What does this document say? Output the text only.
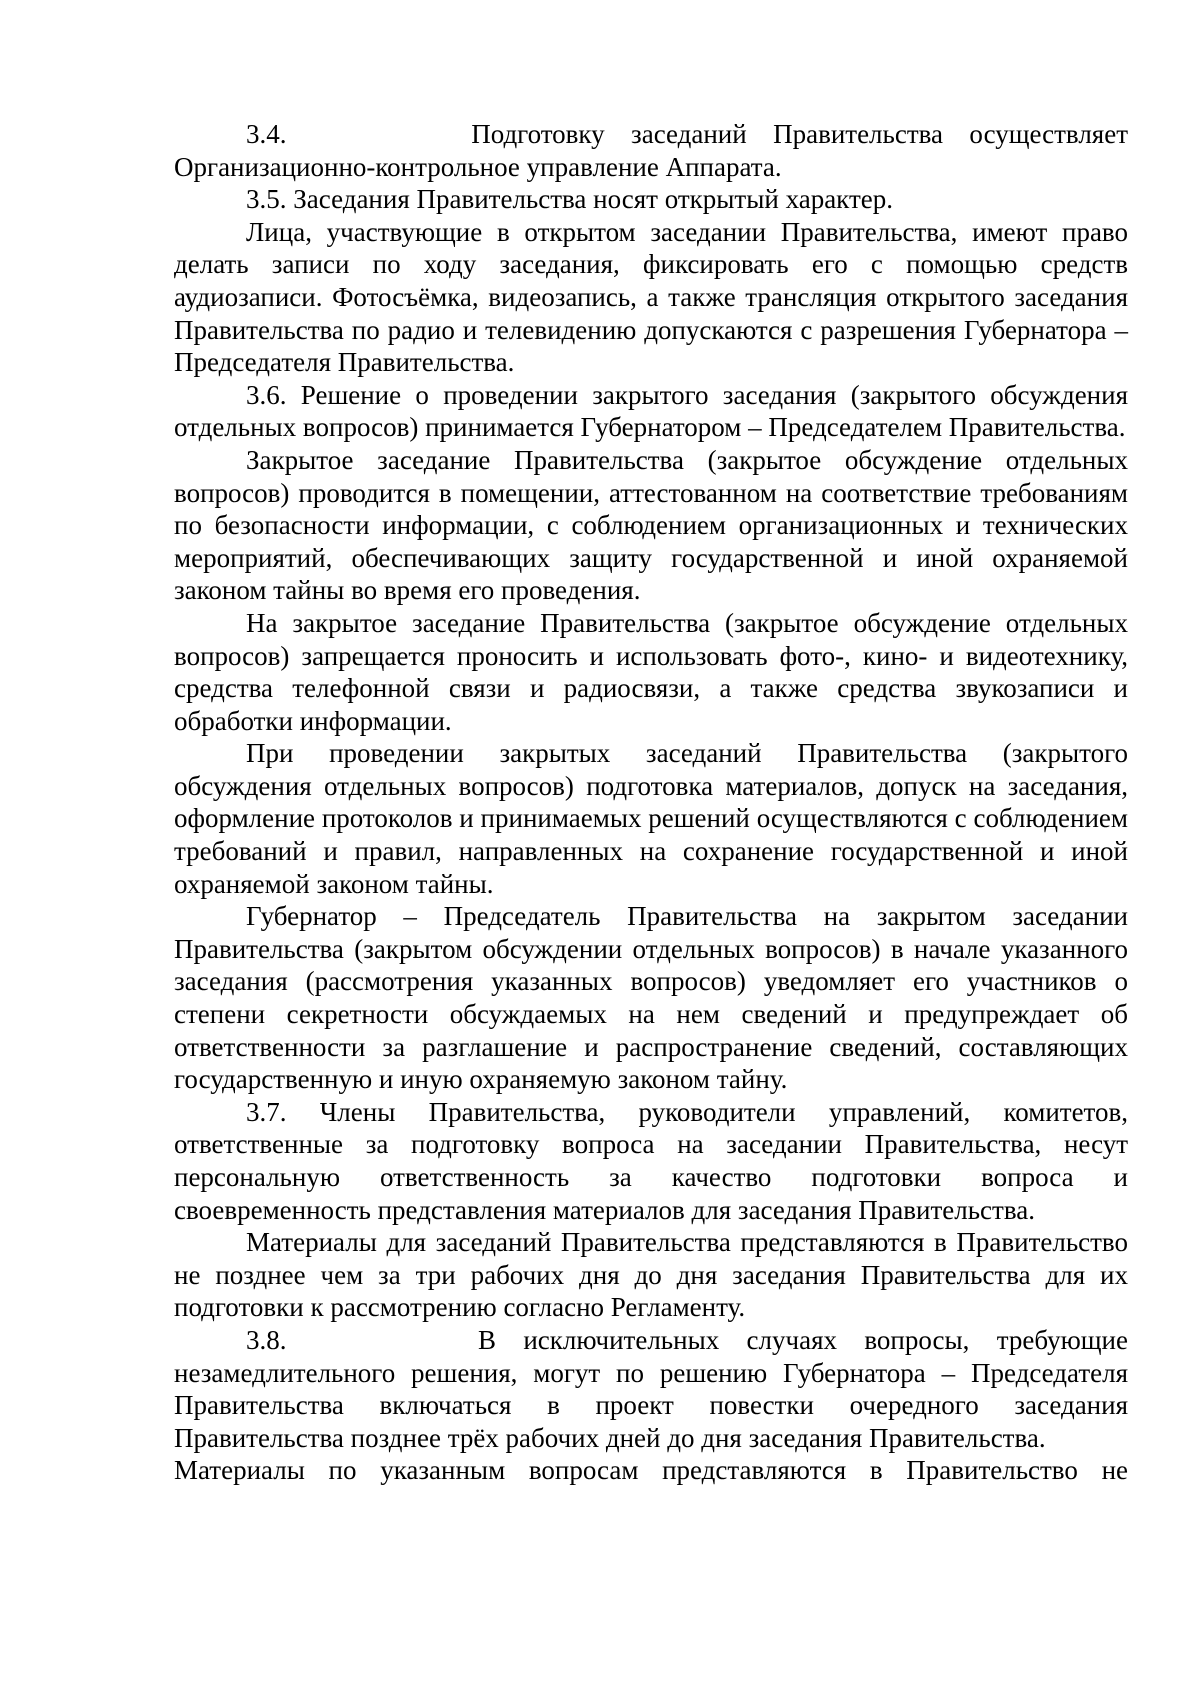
3.4.       Подготовку заседаний Правительства осуществляет Организационно-контрольное управление Аппарата.

3.5. Заседания Правительства носят открытый характер.

Лица, участвующие в открытом заседании Правительства, имеют право делать записи по ходу заседания, фиксировать его с помощью средств аудиозаписи. Фотосъёмка, видеозапись, а также трансляция открытого заседания Правительства по радио и телевидению допускаются с разрешения Губернатора – Председателя Правительства.

3.6. Решение о проведении закрытого заседания (закрытого обсуждения отдельных вопросов) принимается Губернатором – Председателем Правительства.

Закрытое заседание Правительства (закрытое обсуждение отдельных вопросов) проводится в помещении, аттестованном на соответствие требованиям по безопасности информации, с соблюдением организационных и технических мероприятий, обеспечивающих защиту государственной и иной охраняемой законом тайны во время его проведения.

На закрытое заседание Правительства (закрытое обсуждение отдельных вопросов) запрещается проносить и использовать фото-, кино- и видеотехнику, средства телефонной связи и радиосвязи, а также средства звукозаписи и обработки информации.

При проведении закрытых заседаний Правительства (закрытого обсуждения отдельных вопросов) подготовка материалов, допуск на заседания, оформление протоколов и принимаемых решений осуществляются с соблюдением требований и правил, направленных на сохранение государственной и иной охраняемой законом тайны.

Губернатор – Председатель Правительства на закрытом заседании Правительства (закрытом обсуждении отдельных вопросов) в начале указанного заседания (рассмотрения указанных вопросов) уведомляет его участников о степени секретности обсуждаемых на нем сведений и предупреждает об ответственности за разглашение и распространение сведений, составляющих государственную и иную охраняемую законом тайну.

3.7. Члены Правительства, руководители управлений, комитетов, ответственные за подготовку вопроса на заседании Правительства, несут персональную ответственность за качество подготовки вопроса и своевременность представления материалов для заседания Правительства.

Материалы для заседаний Правительства представляются в Правительство не позднее чем за три рабочих дня до дня заседания Правительства для их подготовки к рассмотрению согласно Регламенту.

3.8.       В исключительных случаях вопросы, требующие незамедлительного решения, могут по решению Губернатора – Председателя Правительства включаться в проект повестки очередного заседания Правительства позднее трёх рабочих дней до дня заседания Правительства.

Материалы по указанным вопросам представляются в Правительство не
